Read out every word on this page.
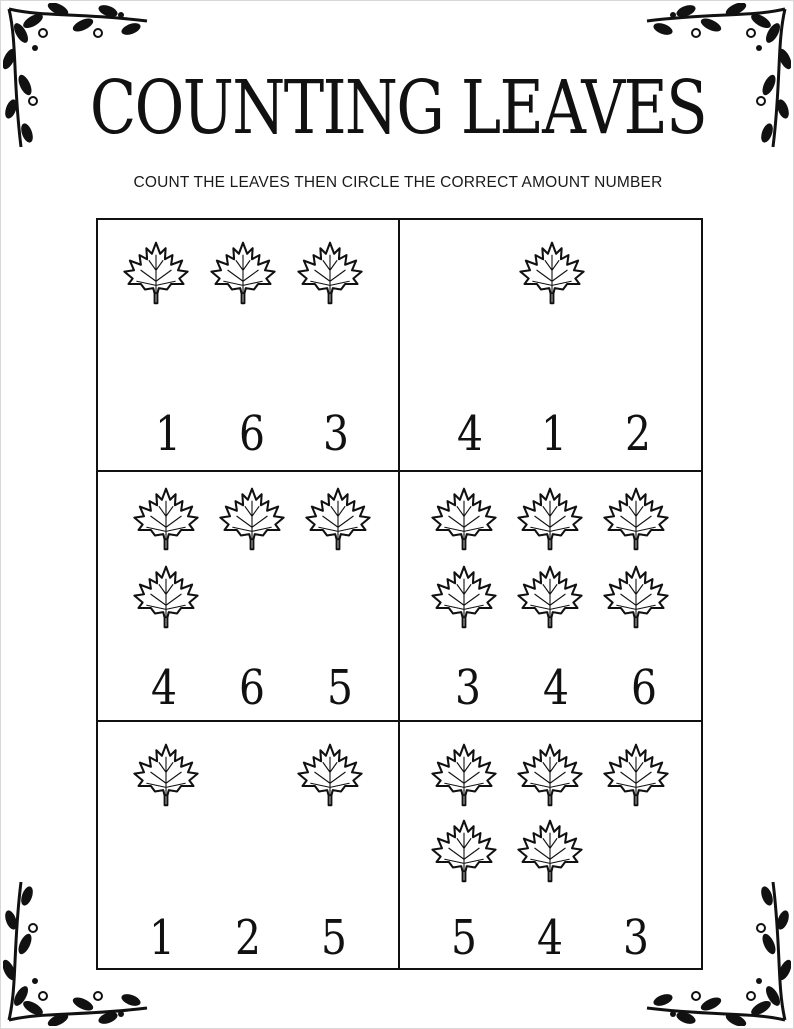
COUNTING LEAVES
COUNT THE LEAVES THEN CIRCLE THE CORRECT AMOUNT NUMBER
1 6 3 4 1 2
4 6 5 3 4 6
1 2 5 5 4 3
